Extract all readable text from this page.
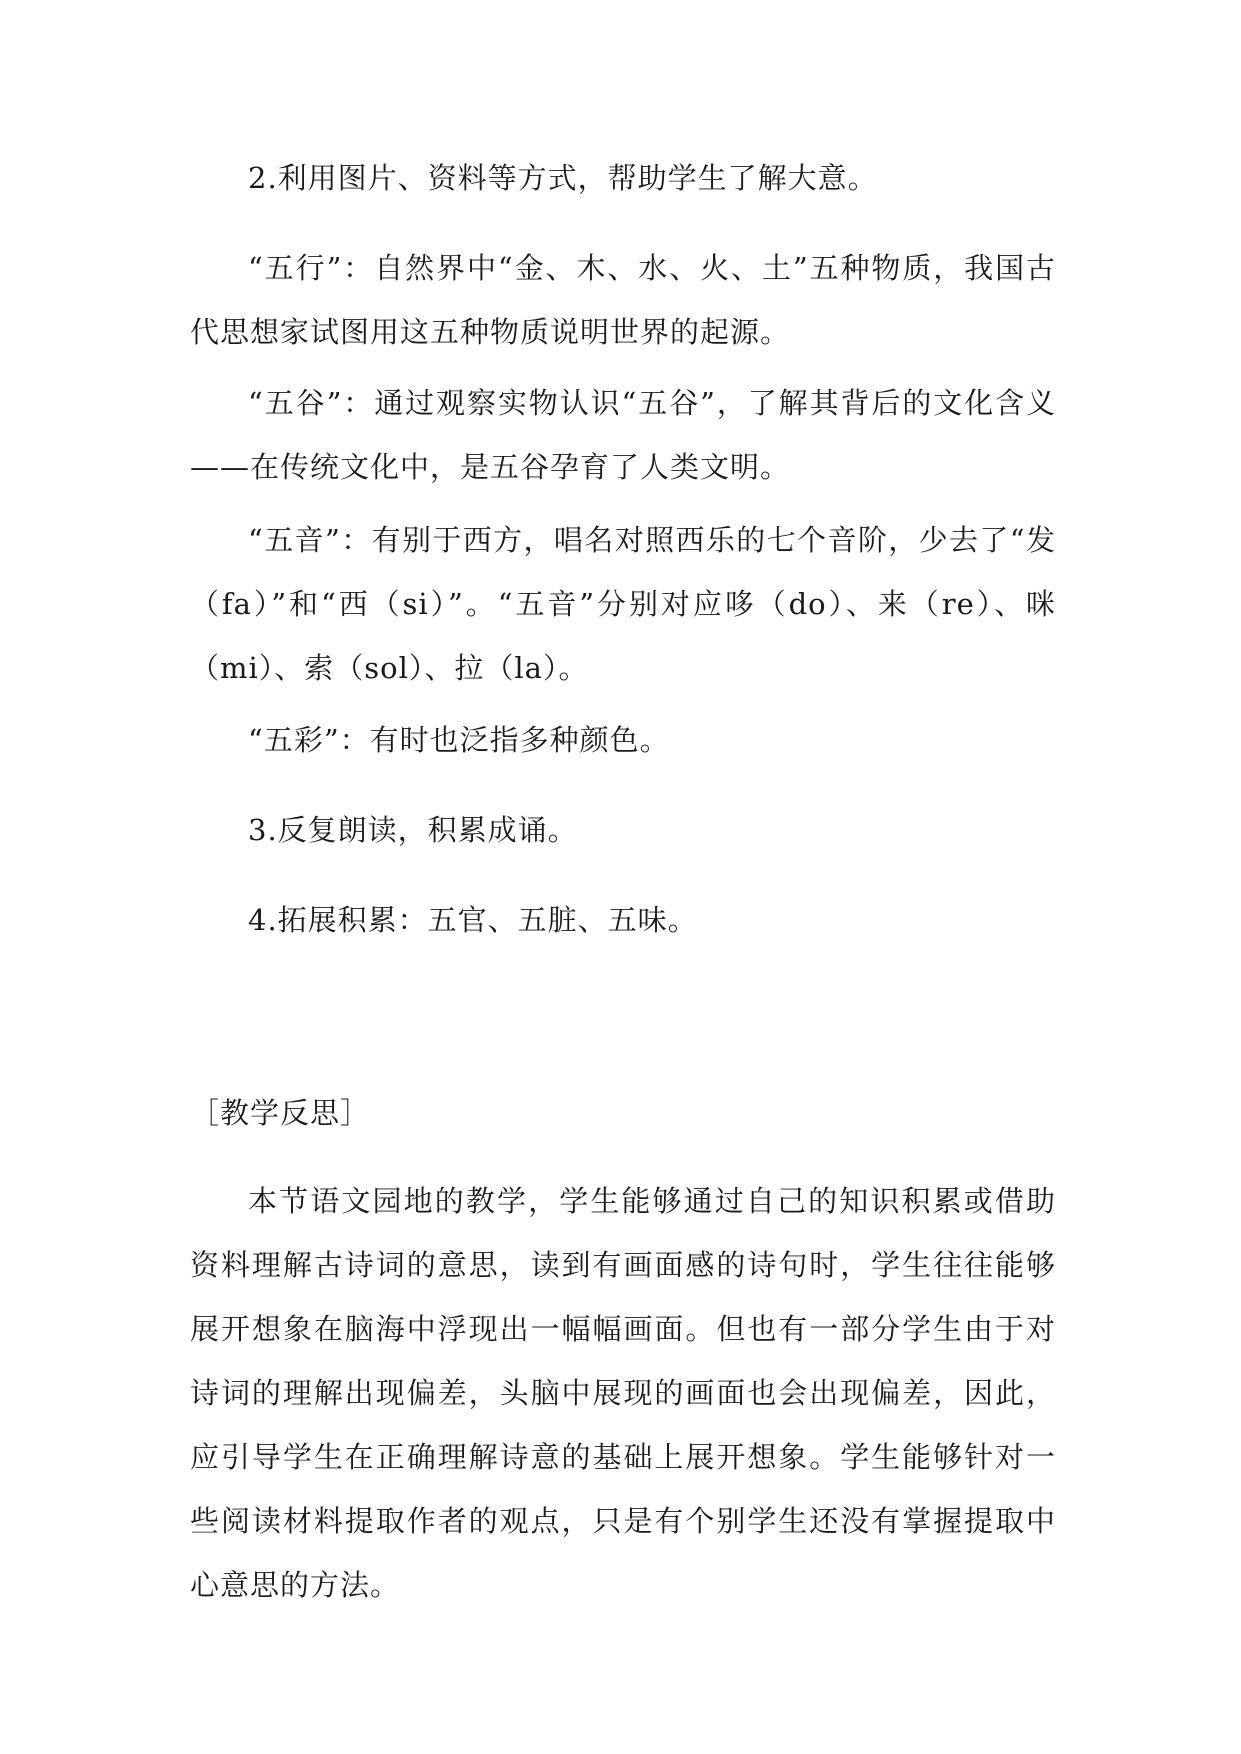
2.利用图片、资料等方式，帮助学生了解大意。

“五行”：自然界中“金、木、水、火、土”五种物质，我国古代思想家试图用这五种物质说明世界的起源。

“五谷”：通过观察实物认识“五谷”，了解其背后的文化含义——在传统文化中，是五谷孕育了人类文明。

“五音”：有别于西方，唱名对照西乐的七个音阶，少去了“发（fa）”和“西（si）”。“五音”分别对应哆（do）、来（re）、咪（mi）、索（sol）、拉（la）。

“五彩”：有时也泛指多种颜色。

3.反复朗读，积累成诵。

4.拓展积累：五官、五脏、五味。

［教学反思］

本节语文园地的教学，学生能够通过自己的知识积累或借助资料理解古诗词的意思，读到有画面感的诗句时，学生往往能够展开想象在脑海中浮现出一幅幅画面。但也有一部分学生由于对诗词的理解出现偏差，头脑中展现的画面也会出现偏差，因此，应引导学生在正确理解诗意的基础上展开想象。学生能够针对一些阅读材料提取作者的观点，只是有个别学生还没有掌握提取中心意思的方法。
